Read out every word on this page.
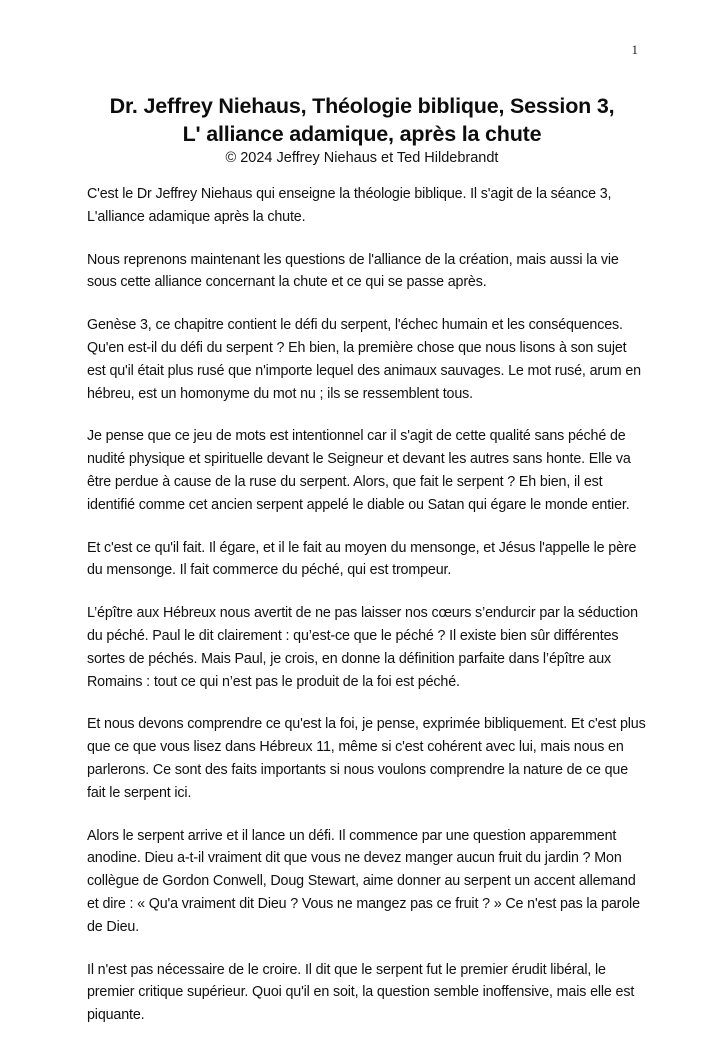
1
Dr. Jeffrey Niehaus, Théologie biblique, Session 3,
L' alliance adamique, après la chute
© 2024 Jeffrey Niehaus et Ted Hildebrandt

C'est le Dr Jeffrey Niehaus qui enseigne la théologie biblique. Il s'agit de la séance 3, L'alliance adamique après la chute.

Nous reprenons maintenant les questions de l'alliance de la création, mais aussi la vie sous cette alliance concernant la chute et ce qui se passe après.

Genèse 3, ce chapitre contient le défi du serpent, l'échec humain et les conséquences. Qu'en est-il du défi du serpent ? Eh bien, la première chose que nous lisons à son sujet est qu'il était plus rusé que n'importe lequel des animaux sauvages. Le mot rusé, arum en hébreu, est un homonyme du mot nu ; ils se ressemblent tous.

Je pense que ce jeu de mots est intentionnel car il s'agit de cette qualité sans péché de nudité physique et spirituelle devant le Seigneur et devant les autres sans honte. Elle va être perdue à cause de la ruse du serpent. Alors, que fait le serpent ? Eh bien, il est identifié comme cet ancien serpent appelé le diable ou Satan qui égare le monde entier.

Et c'est ce qu'il fait. Il égare, et il le fait au moyen du mensonge, et Jésus l'appelle le père du mensonge. Il fait commerce du péché, qui est trompeur.

L’épître aux Hébreux nous avertit de ne pas laisser nos cœurs s’endurcir par la séduction du péché. Paul le dit clairement : qu’est-ce que le péché ? Il existe bien sûr différentes sortes de péchés. Mais Paul, je crois, en donne la définition parfaite dans l’épître aux Romains : tout ce qui n’est pas le produit de la foi est péché.

Et nous devons comprendre ce qu'est la foi, je pense, exprimée bibliquement. Et c'est plus que ce que vous lisez dans Hébreux 11, même si c'est cohérent avec lui, mais nous en parlerons. Ce sont des faits importants si nous voulons comprendre la nature de ce que fait le serpent ici.

Alors le serpent arrive et il lance un défi. Il commence par une question apparemment anodine. Dieu a-t-il vraiment dit que vous ne devez manger aucun fruit du jardin ? Mon collègue de Gordon Conwell, Doug Stewart, aime donner au serpent un accent allemand et dire : « Qu'a vraiment dit Dieu ? Vous ne mangez pas ce fruit ? » Ce n'est pas la parole de Dieu.

Il n'est pas nécessaire de le croire. Il dit que le serpent fut le premier érudit libéral, le premier critique supérieur. Quoi qu'il en soit, la question semble inoffensive, mais elle est piquante.
